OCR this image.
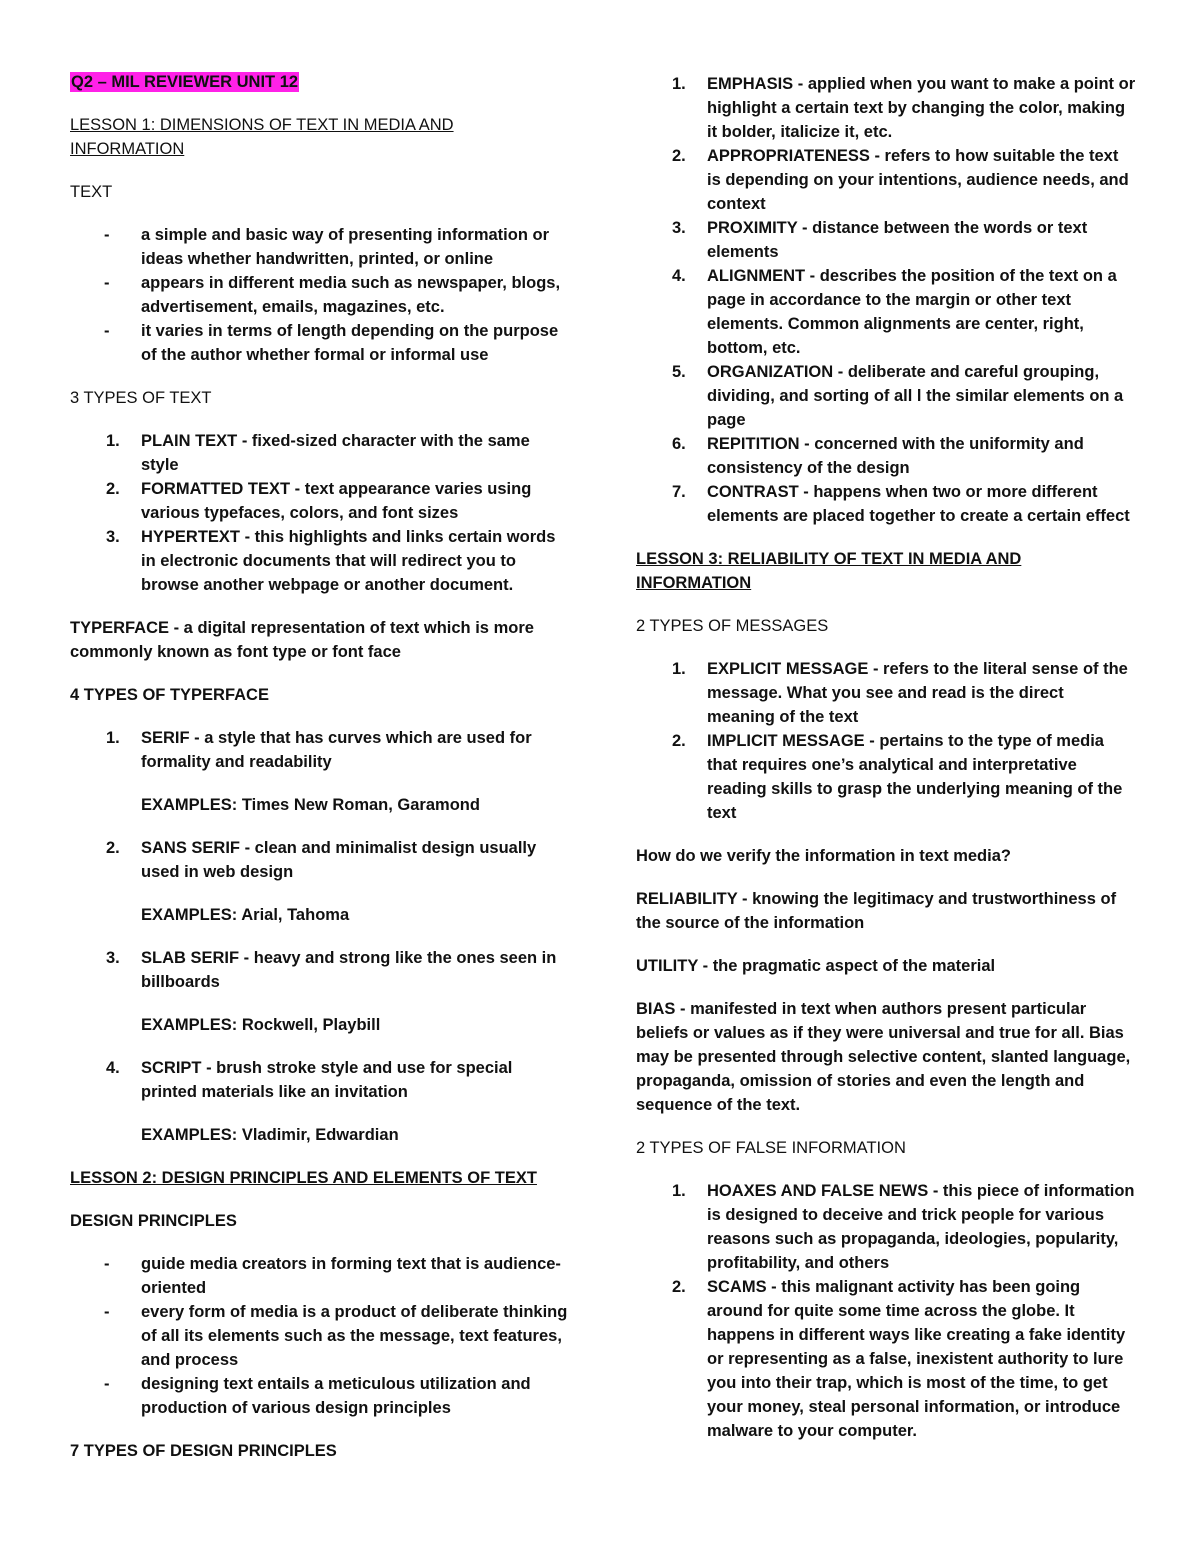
Q2 – MIL REVIEWER UNIT 12

LESSON 1: DIMENSIONS OF TEXT IN MEDIA AND INFORMATION

TEXT

- a simple and basic way of presenting information or ideas whether handwritten, printed, or online
- appears in different media such as newspaper, blogs, advertisement, emails, magazines, etc.
- it varies in terms of length depending on the purpose of the author whether formal or informal use

3 TYPES OF TEXT

1. PLAIN TEXT - fixed-sized character with the same style
2. FORMATTED TEXT - text appearance varies using various typefaces, colors, and font sizes
3. HYPERTEXT - this highlights and links certain words in electronic documents that will redirect you to browse another webpage or another document.

TYPERFACE - a digital representation of text which is more commonly known as font type or font face

4 TYPES OF TYPERFACE

1. SERIF - a style that has curves which are used for formality and readability
EXAMPLES: Times New Roman, Garamond
2. SANS SERIF - clean and minimalist design usually used in web design
EXAMPLES: Arial, Tahoma
3. SLAB SERIF - heavy and strong like the ones seen in billboards
EXAMPLES: Rockwell, Playbill
4. SCRIPT - brush stroke style and use for special printed materials like an invitation
EXAMPLES: Vladimir, Edwardian

LESSON 2: DESIGN PRINCIPLES AND ELEMENTS OF TEXT

DESIGN PRINCIPLES

- guide media creators in forming text that is audience-oriented
- every form of media is a product of deliberate thinking of all its elements such as the message, text features, and process
- designing text entails a meticulous utilization and production of various design principles

7 TYPES OF DESIGN PRINCIPLES

1. EMPHASIS - applied when you want to make a point or highlight a certain text by changing the color, making it bolder, italicize it, etc.
2. APPROPRIATENESS - refers to how suitable the text is depending on your intentions, audience needs, and context
3. PROXIMITY - distance between the words or text elements
4. ALIGNMENT - describes the position of the text on a page in accordance to the margin or other text elements. Common alignments are center, right, bottom, etc.
5. ORGANIZATION - deliberate and careful grouping, dividing, and sorting of all l the similar elements on a page
6. REPITITION - concerned with the uniformity and consistency of the design
7. CONTRAST - happens when two or more different elements are placed together to create a certain effect

LESSON 3: RELIABILITY OF TEXT IN MEDIA AND INFORMATION

2 TYPES OF MESSAGES

1. EXPLICIT MESSAGE - refers to the literal sense of the message. What you see and read is the direct meaning of the text
2. IMPLICIT MESSAGE - pertains to the type of media that requires one’s analytical and interpretative reading skills to grasp the underlying meaning of the text

How do we verify the information in text media?

RELIABILITY - knowing the legitimacy and trustworthiness of the source of the information

UTILITY - the pragmatic aspect of the material

BIAS - manifested in text when authors present particular beliefs or values as if they were universal and true for all. Bias may be presented through selective content, slanted language, propaganda, omission of stories and even the length and sequence of the text.

2 TYPES OF FALSE INFORMATION

1. HOAXES AND FALSE NEWS - this piece of information is designed to deceive and trick people for various reasons such as propaganda, ideologies, popularity, profitability, and others
2. SCAMS - this malignant activity has been going around for quite some time across the globe. It happens in different ways like creating a fake identity or representing as a false, inexistent authority to lure you into their trap, which is most of the time, to get your money, steal personal information, or introduce malware to your computer.
